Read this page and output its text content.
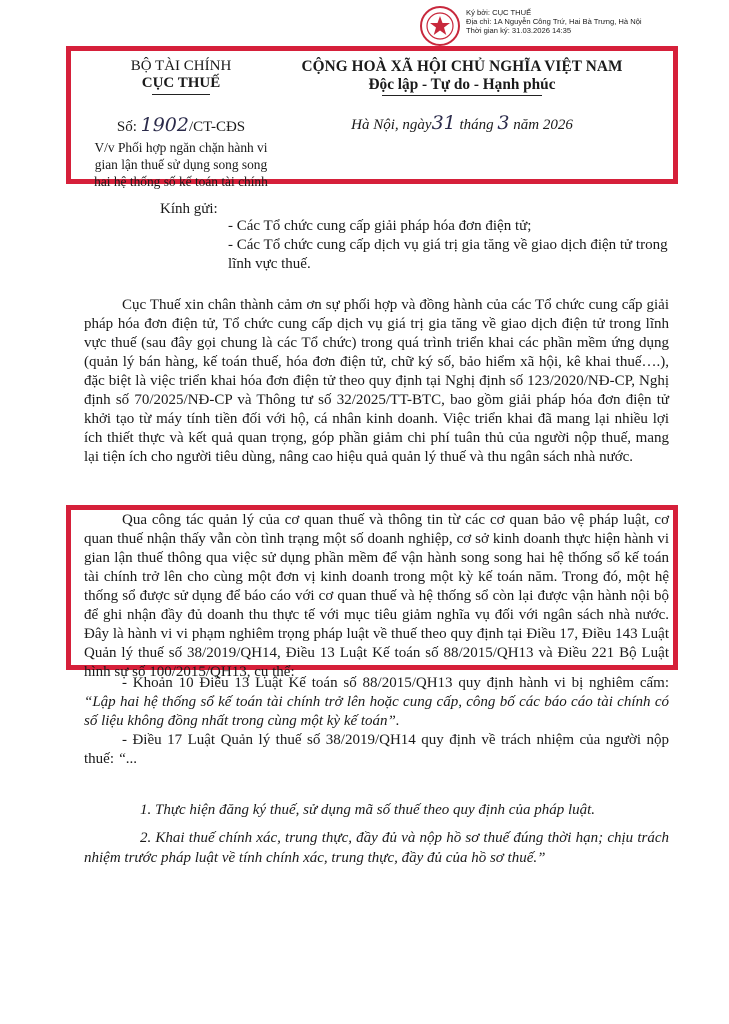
Ký bởi: CỤC THUẾ
Địa chỉ: 1A Nguyễn Công Trứ, Hai Bà Trưng, Hà Nội
Thời gian ký: 31.03.2026 14:35
BỘ TÀI CHÍNH
CỤC THUẾ
Số: 1902/CT-CĐS
V/v Phối hợp ngăn chặn hành vi gian lận thuế sử dụng song song hai hệ thống số kế toán tài chính
CỘNG HOÀ XÃ HỘI CHỦ NGHĨA VIỆT NAM
Độc lập - Tự do - Hạnh phúc
Hà Nội, ngày31 tháng 3 năm 2026
Kính gửi:
- Các Tổ chức cung cấp giải pháp hóa đơn điện tử;
- Các Tổ chức cung cấp dịch vụ giá trị gia tăng về giao dịch điện tử trong lĩnh vực thuế.
Cục Thuế xin chân thành cảm ơn sự phối hợp và đồng hành của các Tổ chức cung cấp giải pháp hóa đơn điện tử, Tổ chức cung cấp dịch vụ giá trị gia tăng về giao dịch điện tử trong lĩnh vực thuế (sau đây gọi chung là các Tổ chức) trong quá trình triển khai các phần mềm ứng dụng (quản lý bán hàng, kế toán thuế, hóa đơn điện tử, chữ ký số, bảo hiểm xã hội, kê khai thuế….), đặc biệt là việc triển khai hóa đơn điện tử theo quy định tại Nghị định số 123/2020/NĐ-CP, Nghị định số 70/2025/NĐ-CP và Thông tư số 32/2025/TT-BTC, bao gồm giải pháp hóa đơn điện tử khởi tạo từ máy tính tiền đối với hộ, cá nhân kinh doanh. Việc triển khai đã mang lại nhiều lợi ích thiết thực và kết quả quan trọng, góp phần giảm chi phí tuân thủ của người nộp thuế, mang lại tiện ích cho người tiêu dùng, nâng cao hiệu quả quản lý thuế và thu ngân sách nhà nước.
Qua công tác quản lý của cơ quan thuế và thông tin từ các cơ quan bảo vệ pháp luật, cơ quan thuế nhận thấy vẫn còn tình trạng một số doanh nghiệp, cơ sở kinh doanh thực hiện hành vi gian lận thuế thông qua việc sử dụng phần mềm để vận hành song song hai hệ thống sổ kế toán tài chính trở lên cho cùng một đơn vị kinh doanh trong một kỳ kế toán năm. Trong đó, một hệ thống sổ được sử dụng để báo cáo với cơ quan thuế và hệ thống sổ còn lại được vận hành nội bộ để ghi nhận đầy đủ doanh thu thực tế với mục tiêu giảm nghĩa vụ đối với ngân sách nhà nước. Đây là hành vi vi phạm nghiêm trọng pháp luật về thuế theo quy định tại Điều 17, Điều 143 Luật Quản lý thuế số 38/2019/QH14, Điều 13 Luật Kế toán số 88/2015/QH13 và Điều 221 Bộ Luật hình sự số 100/2015/QH13, cụ thể:
- Khoản 10 Điều 13 Luật Kế toán số 88/2015/QH13 quy định hành vi bị nghiêm cấm: “Lập hai hệ thống sổ kế toán tài chính trở lên hoặc cung cấp, công bố các báo cáo tài chính có số liệu không đồng nhất trong cùng một kỳ kế toán”.
- Điều 17 Luật Quản lý thuế số 38/2019/QH14 quy định về trách nhiệm của người nộp thuế: “...
1. Thực hiện đăng ký thuế, sử dụng mã số thuế theo quy định của pháp luật.
2. Khai thuế chính xác, trung thực, đầy đủ và nộp hồ sơ thuế đúng thời hạn; chịu trách nhiệm trước pháp luật về tính chính xác, trung thực, đầy đủ của hồ sơ thuế.”
